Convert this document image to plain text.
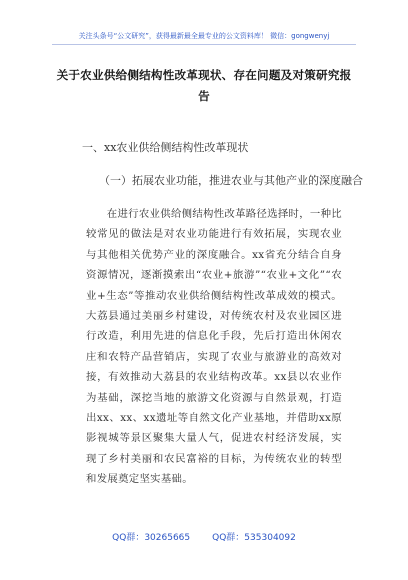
关注头条号“公文研究”，获得最新最全最专业的公文资料库！ 微信：gongwenyj
关于农业供给侧结构性改革现状、存在问题及对策研究报告
一、xx农业供给侧结构性改革现状
（一）拓展农业功能，推进农业与其他产业的深度融合

在进行农业供给侧结构性改革路径选择时，一种比较常见的做法是对农业功能进行有效拓展，实现农业与其他相关优势产业的深度融合。xx省充分结合自身资源情况，逐渐摸索出“农业+旅游”“农业+文化”“农业+生态”等推动农业供给侧结构性改革成效的模式。大荔县通过美丽乡村建设，对传统农村及农业园区进行改造，利用先进的信息化手段，先后打造出休闲农庄和农特产品营销店，实现了农业与旅游业的高效对接，有效推动大荔县的农业结构改革。xx县以农业作为基础，深挖当地的旅游文化资源与自然景观，打造出xx、xx、xx遗址等自然文化产业基地，并借助xx原影视城等景区聚集大量人气，促进农村经济发展，实现了乡村美丽和农民富裕的目标，为传统农业的转型和发展奠定坚实基础。

QQ群：30265665 QQ群：535304092
